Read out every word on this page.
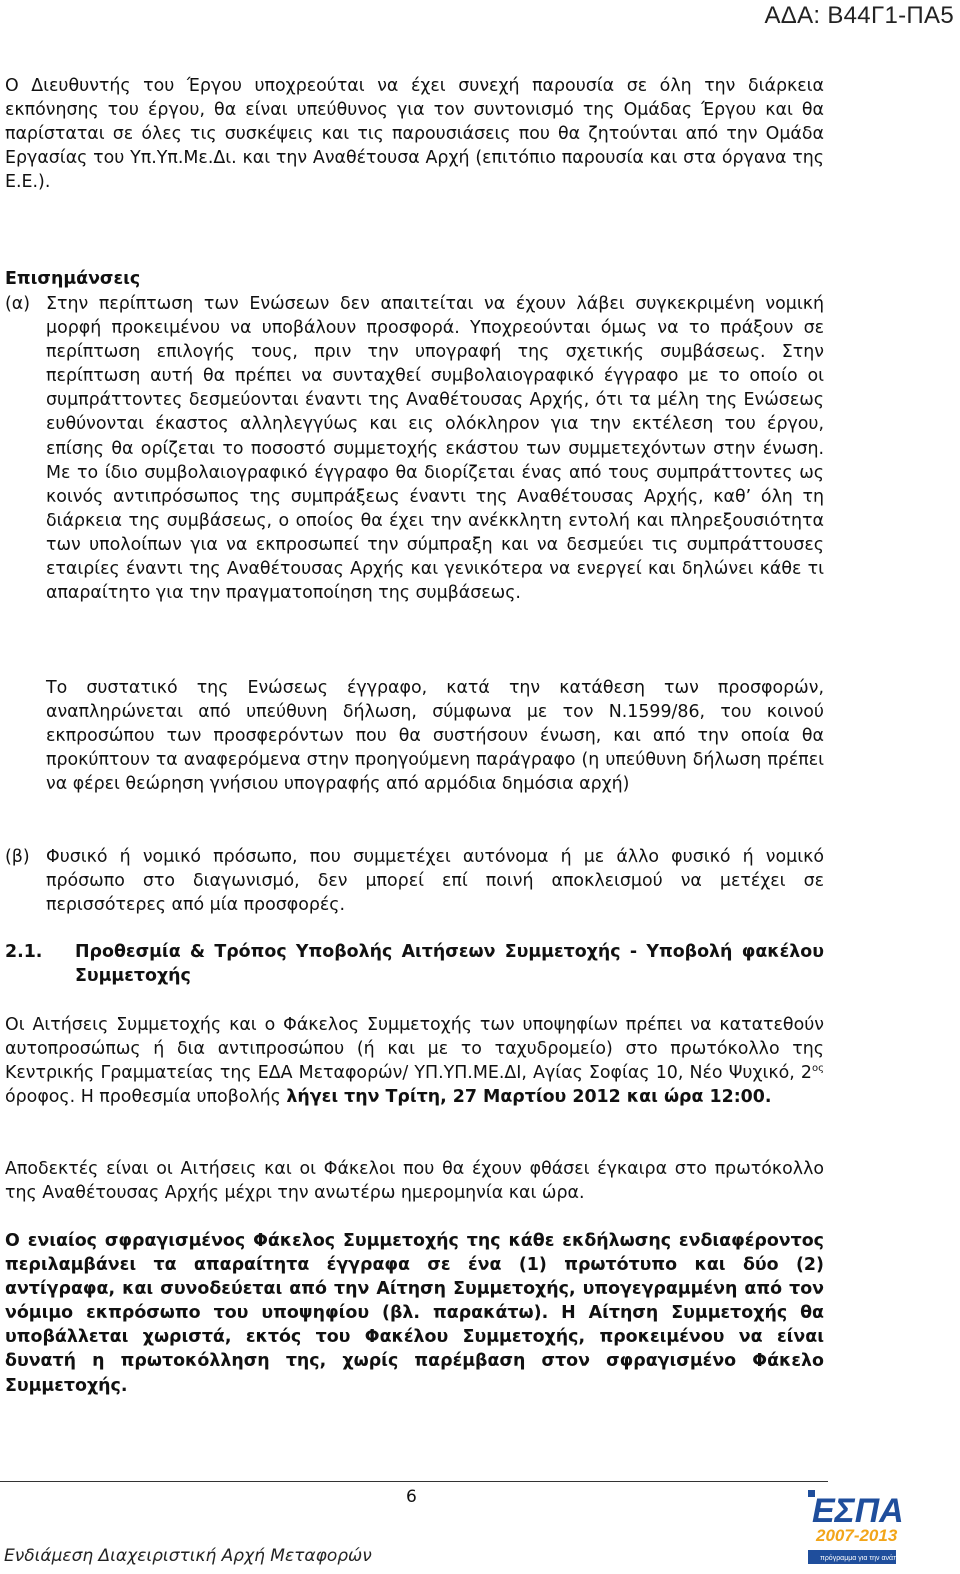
ΑΔΑ: Β44Γ1-ΠΑ5

Ο Διευθυντής του Έργου υποχρεούται να έχει συνεχή παρουσία σε όλη την διάρκεια εκπόνησης του έργου, θα είναι υπεύθυνος για τον συντονισμό της Ομάδας Έργου και θα παρίσταται σε όλες τις συσκέψεις και τις παρουσιάσεις που θα ζητούνται από την Ομάδα Εργασίας του Υπ.Υπ.Με.Δι. και την Αναθέτουσα Αρχή (επιτόπιο παρουσία και στα όργανα της Ε.Ε.).

Επισημάνσεις

(α) Στην περίπτωση των Ενώσεων δεν απαιτείται να έχουν λάβει συγκεκριμένη νομική μορφή προκειμένου να υποβάλουν προσφορά. Υποχρεούνται όμως να το πράξουν σε περίπτωση επιλογής τους, πριν την υπογραφή της σχετικής συμβάσεως. Στην περίπτωση αυτή θα πρέπει να συνταχθεί συμβολαιογραφικό έγγραφο με το οποίο οι συμπράττοντες δεσμεύονται έναντι της Αναθέτουσας Αρχής, ότι τα μέλη της Ενώσεως ευθύνονται έκαστος αλληλεγγύως και εις ολόκληρον για την εκτέλεση του έργου, επίσης θα ορίζεται το ποσοστό συμμετοχής εκάστου των συμμετεχόντων στην ένωση. Με το ίδιο συμβολαιογραφικό έγγραφο θα διορίζεται ένας από τους συμπράττοντες ως κοινός αντιπρόσωπος της συμπράξεως έναντι της Αναθέτουσας Αρχής, καθ’ όλη τη διάρκεια της συμβάσεως, ο οποίος θα έχει την ανέκκλητη εντολή και πληρεξουσιότητα των υπολοίπων για να εκπροσωπεί την σύμπραξη και να δεσμεύει τις συμπράττουσες εταιρίες έναντι της Αναθέτουσας Αρχής και γενικότερα να ενεργεί και δηλώνει κάθε τι απαραίτητο για την πραγματοποίηση της συμβάσεως.

Το συστατικό της Ενώσεως έγγραφο, κατά την κατάθεση των προσφορών, αναπληρώνεται από υπεύθυνη δήλωση, σύμφωνα με τον Ν.1599/86, του κοινού εκπροσώπου των προσφερόντων που θα συστήσουν ένωση, και από την οποία θα προκύπτουν τα αναφερόμενα στην προηγούμενη παράγραφο (η υπεύθυνη δήλωση πρέπει να φέρει θεώρηση γνήσιου υπογραφής από αρμόδια δημόσια αρχή)

(β) Φυσικό ή νομικό πρόσωπο, που συμμετέχει αυτόνομα ή με άλλο φυσικό ή νομικό πρόσωπο στο διαγωνισμό, δεν μπορεί επί ποινή αποκλεισμού να μετέχει σε περισσότερες από μία προσφορές.
2.1. Προθεσμία & Τρόπος Υποβολής Αιτήσεων Συμμετοχής - Υποβολή φακέλου Συμμετοχής

Οι Αιτήσεις Συμμετοχής και ο Φάκελος Συμμετοχής των υποψηφίων πρέπει να κατατεθούν αυτοπροσώπως ή δια αντιπροσώπου (ή και με το ταχυδρομείο) στο πρωτόκολλο της Κεντρικής Γραμματείας της ΕΔΑ Μεταφορών/ ΥΠ.ΥΠ.ΜΕ.ΔΙ, Αγίας Σοφίας 10, Νέο Ψυχικό, $2^{o\varsigma}$ όροφος. Η προθεσμία υποβολής λήγει την Τρίτη, 27 Μαρτίου 2012 και ώρα 12:00.

Αποδεκτές είναι οι Αιτήσεις και οι Φάκελοι που θα έχουν φθάσει έγκαιρα στο πρωτόκολλο της Αναθέτουσας Αρχής μέχρι την ανωτέρω ημερομηνία και ώρα.

Ο ενιαίος σφραγισμένος Φάκελος Συμμετοχής της κάθε εκδήλωσης ενδιαφέροντος περιλαμβάνει τα απαραίτητα έγγραφα σε ένα (1) πρωτότυπο και δύο (2) αντίγραφα, και συνοδεύεται από την Αίτηση Συμμετοχής, υπογεγραμμένη από τον νόμιμο εκπρόσωπο του υποψηφίου (βλ. παρακάτω). Η Αίτηση Συμμετοχής θα υποβάλλεται χωριστά, εκτός του Φακέλου Συμμετοχής, προκειμένου να είναι δυνατή η πρωτοκόλληση της, χωρίς παρέμβαση στον σφραγισμένο Φάκελο Συμμετοχής.

6
Ενδιάμεση Διαχειριστική Αρχή Μεταφορών
ΕΣΠΑ
2007-2013
πρόγραμμα για την ανάπτυξη
